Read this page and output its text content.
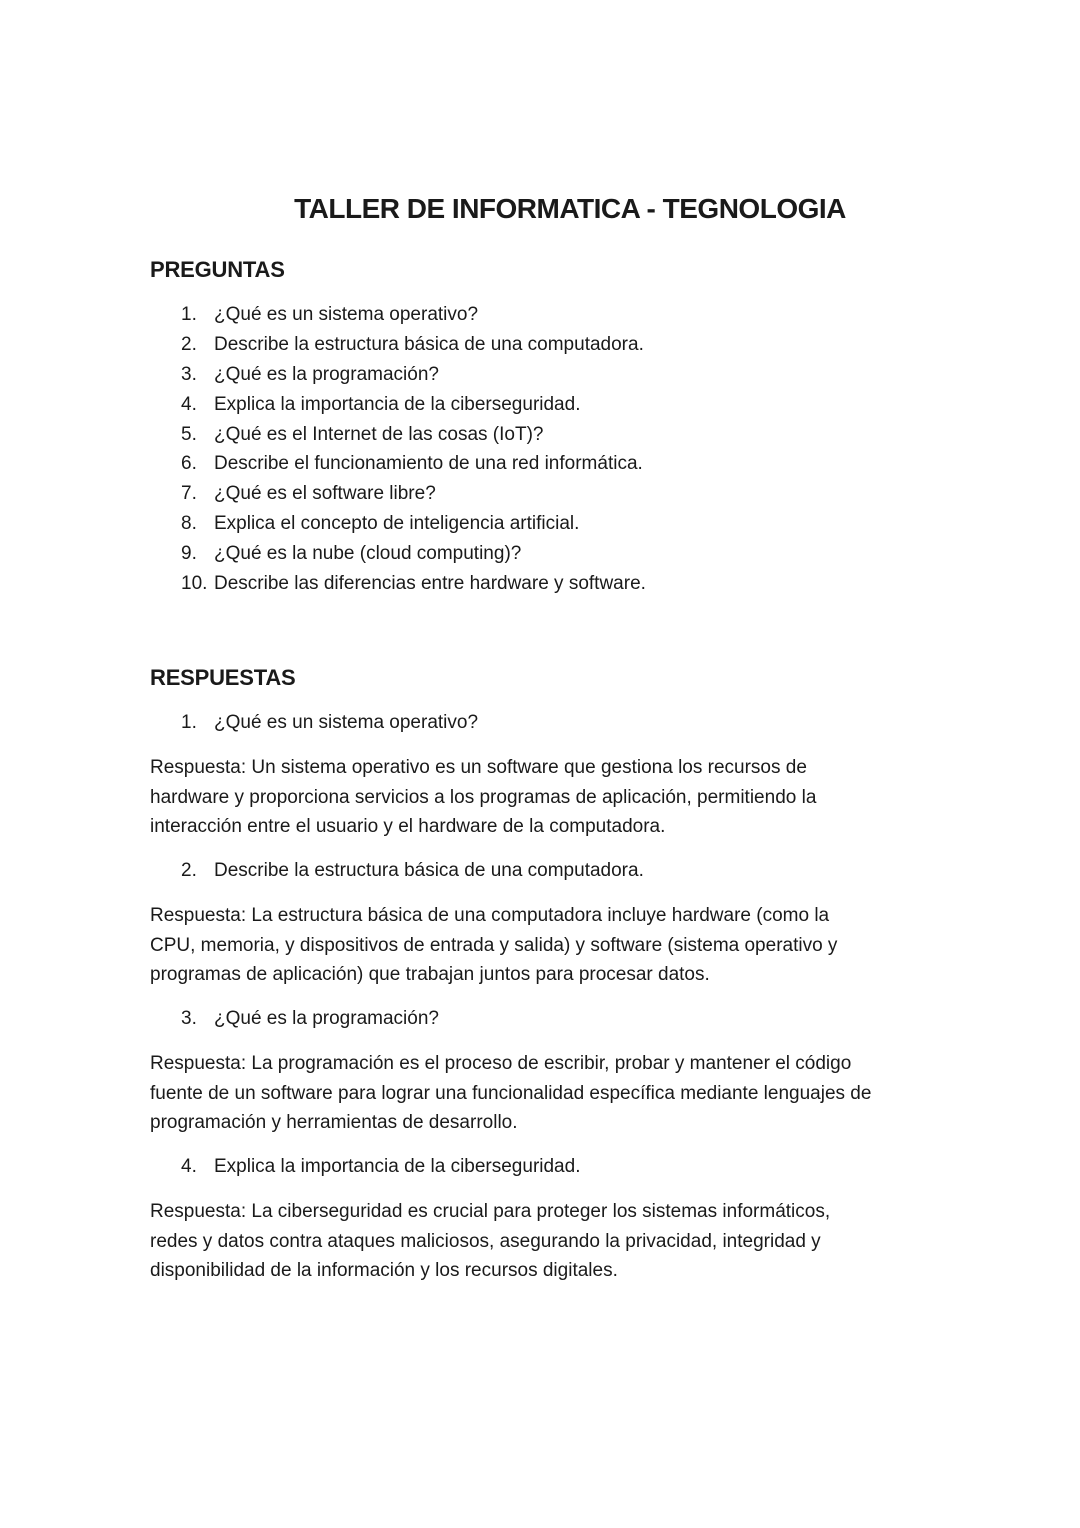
TALLER DE INFORMATICA - TEGNOLOGIA
PREGUNTAS
1. ¿Qué es un sistema operativo?
2. Describe la estructura básica de una computadora.
3. ¿Qué es la programación?
4. Explica la importancia de la ciberseguridad.
5. ¿Qué es el Internet de las cosas (IoT)?
6. Describe el funcionamiento de una red informática.
7. ¿Qué es el software libre?
8. Explica el concepto de inteligencia artificial.
9. ¿Qué es la nube (cloud computing)?
10. Describe las diferencias entre hardware y software.
RESPUESTAS
1. ¿Qué es un sistema operativo?

Respuesta: Un sistema operativo es un software que gestiona los recursos de
hardware y proporciona servicios a los programas de aplicación, permitiendo la
interacción entre el usuario y el hardware de la computadora.

2. Describe la estructura básica de una computadora.

Respuesta: La estructura básica de una computadora incluye hardware (como la
CPU, memoria, y dispositivos de entrada y salida) y software (sistema operativo y
programas de aplicación) que trabajan juntos para procesar datos.

3. ¿Qué es la programación?

Respuesta: La programación es el proceso de escribir, probar y mantener el código
fuente de un software para lograr una funcionalidad específica mediante lenguajes de
programación y herramientas de desarrollo.

4. Explica la importancia de la ciberseguridad.

Respuesta: La ciberseguridad es crucial para proteger los sistemas informáticos,
redes y datos contra ataques maliciosos, asegurando la privacidad, integridad y
disponibilidad de la información y los recursos digitales.
